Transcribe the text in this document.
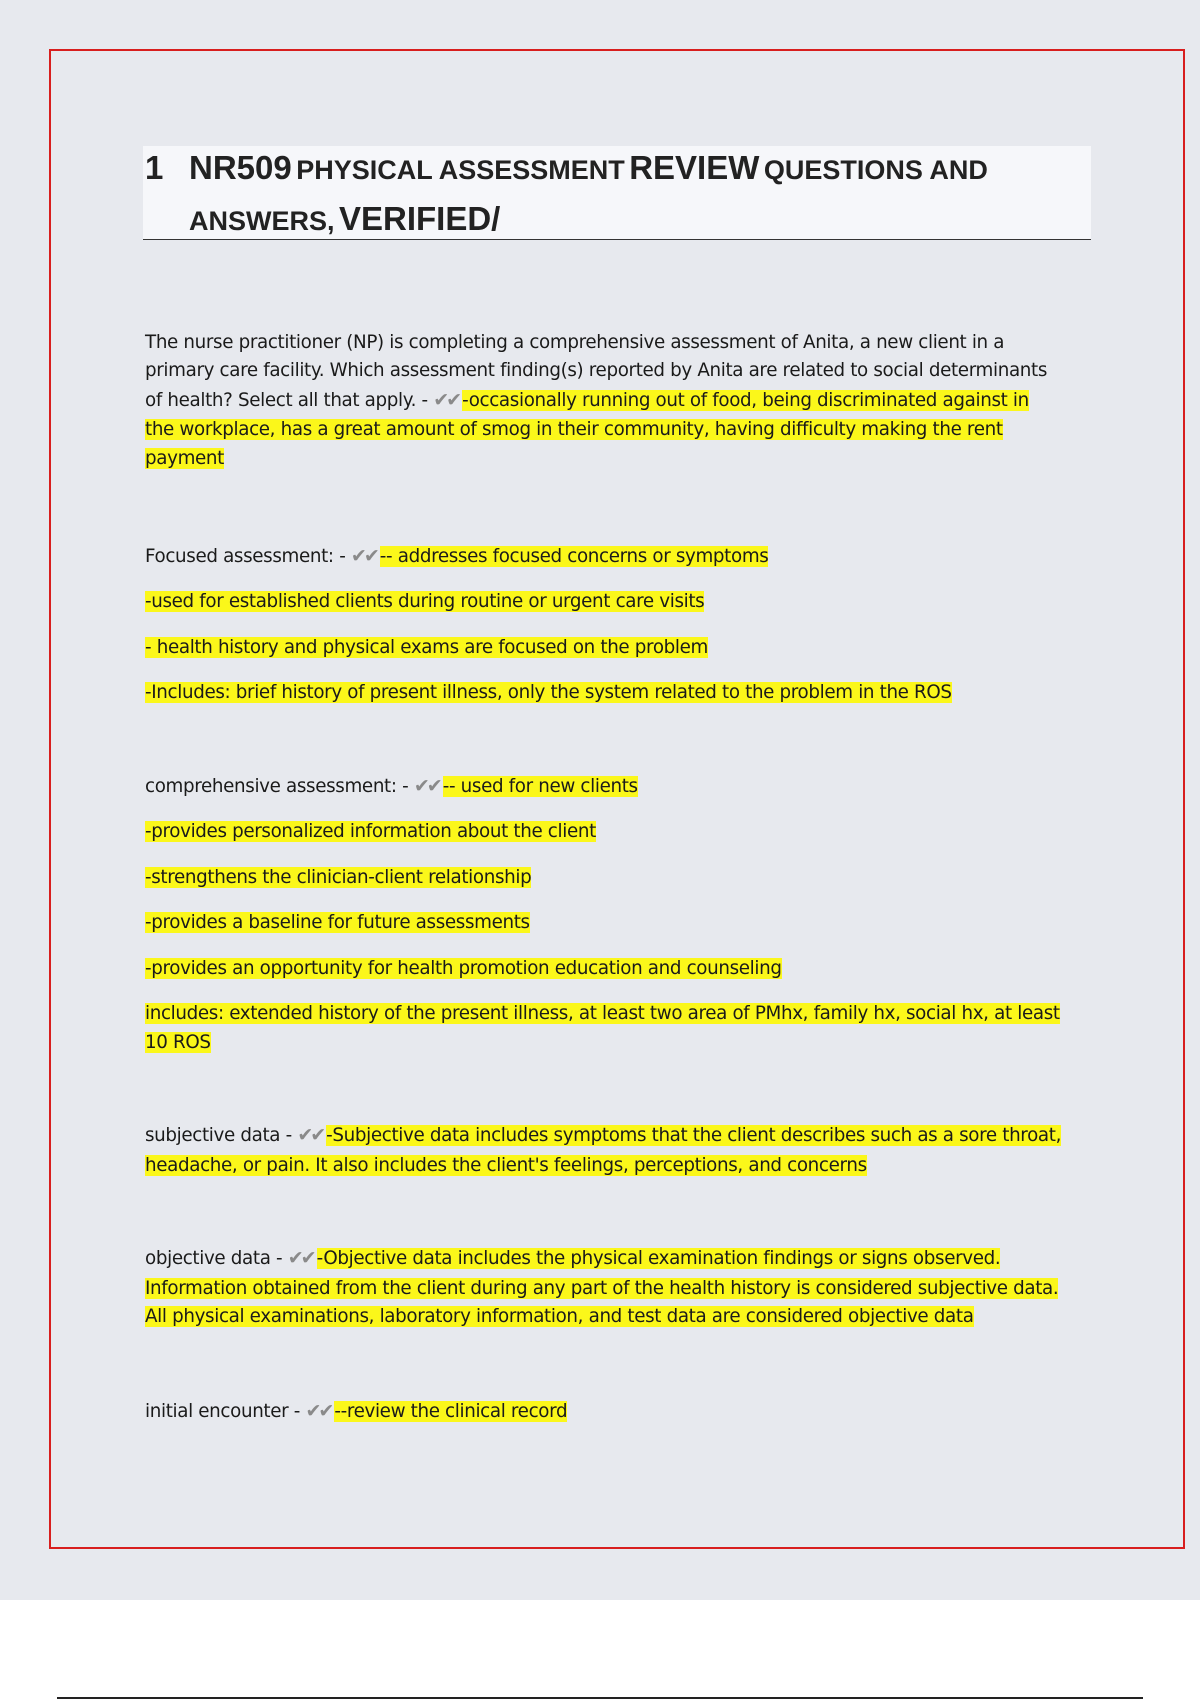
1 NR509 PHYSICAL ASSESSMENT REVIEW QUESTIONS AND
ANSWERS, VERIFIED/
The nurse practitioner (NP) is completing a comprehensive assessment of Anita, a new client in a
primary care facility. Which assessment finding(s) reported by Anita are related to social determinants
of health? Select all that apply. - ✔✔ -occasionally running out of food, being discriminated against in
the workplace, has a great amount of smog in their community, having difficulty making the rent
payment
Focused assessment: - ✔✔ -- addresses focused concerns or symptoms
-used for established clients during routine or urgent care visits
- health history and physical exams are focused on the problem
-Includes: brief history of present illness, only the system related to the problem in the ROS
comprehensive assessment: - ✔✔ -- used for new clients
-provides personalized information about the client
-strengthens the clinician-client relationship
-provides a baseline for future assessments
-provides an opportunity for health promotion education and counseling
includes: extended history of the present illness, at least two area of PMhx, family hx, social hx, at least
10 ROS
subjective data - ✔✔ -Subjective data includes symptoms that the client describes such as a sore throat,
headache, or pain. It also includes the client's feelings, perceptions, and concerns
objective data - ✔✔ -Objective data includes the physical examination findings or signs observed.
Information obtained from the client during any part of the health history is considered subjective data.
All physical examinations, laboratory information, and test data are considered objective data
initial encounter - ✔✔ --review the clinical record
